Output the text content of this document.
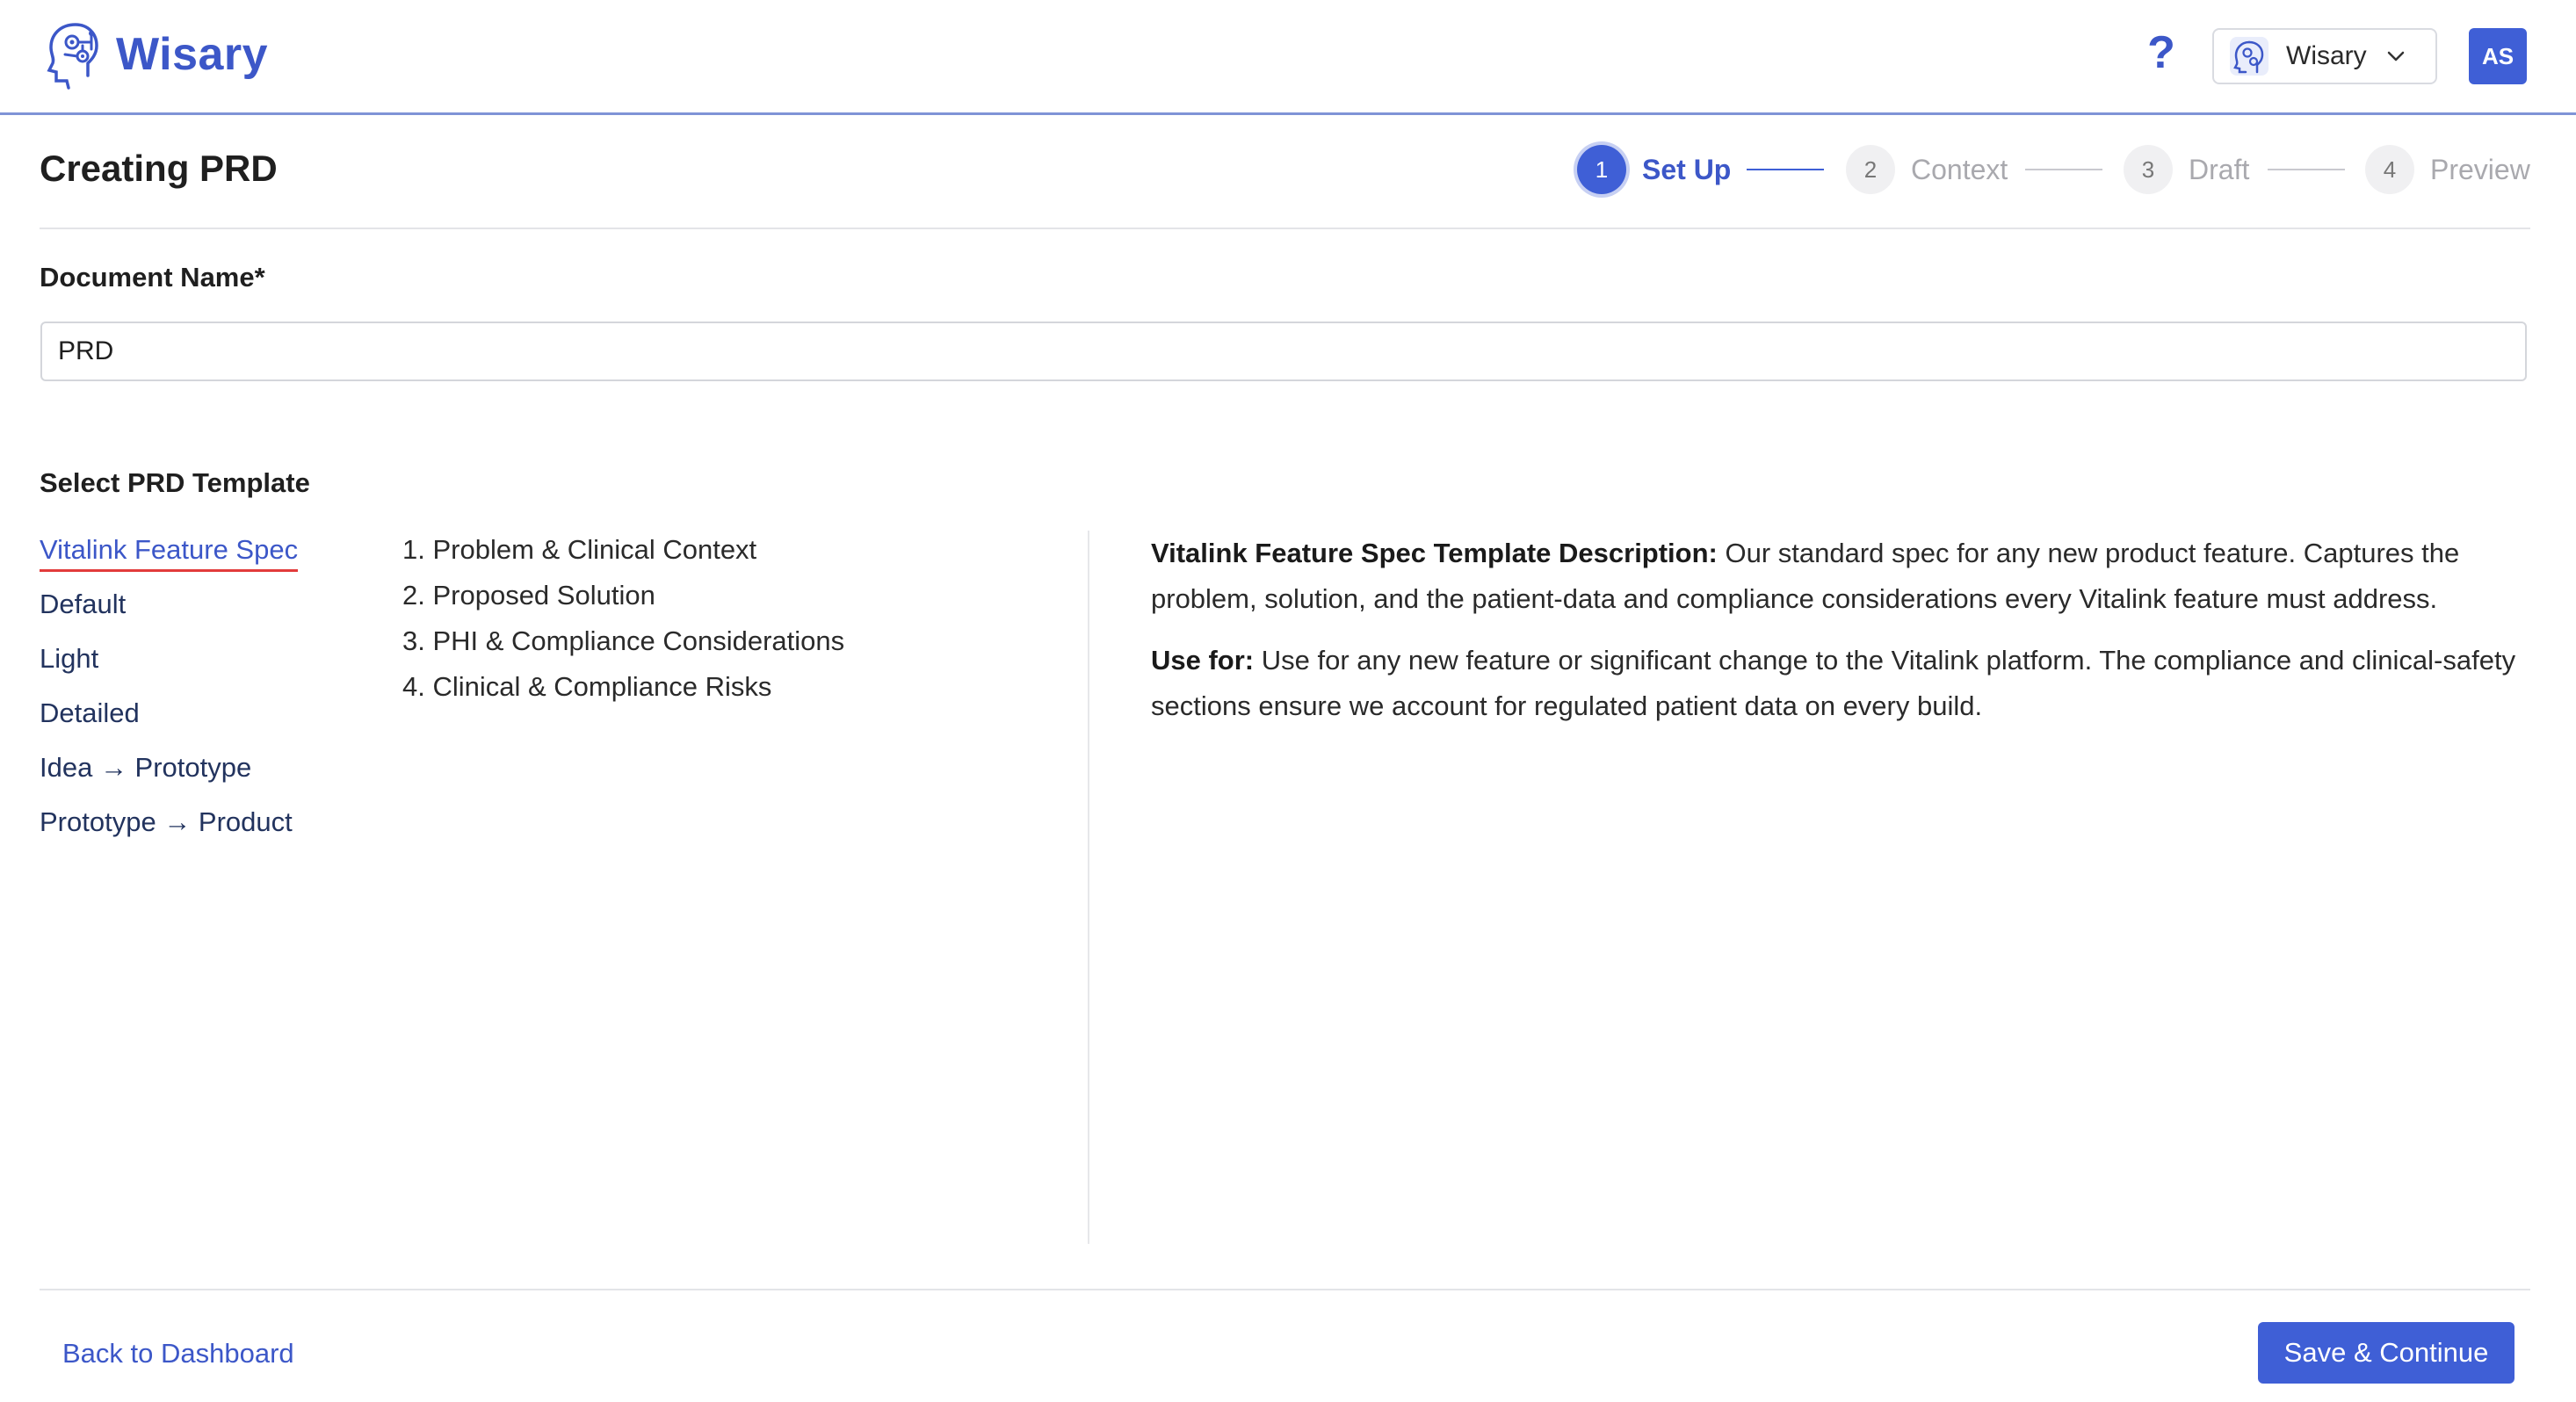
Wisary	?	Wisary	AS
Creating PRD	1	Set Up	2	Context	3	Draft	4	Preview
Document Name*
PRD
Select PRD Template
Vitalink Feature Spec
Default
Light
Detailed
Idea → Prototype
Prototype → Product
1. Problem & Clinical Context
2. Proposed Solution
3. PHI & Compliance Considerations
4. Clinical & Compliance Risks

Vitalink Feature Spec Template Description: Our standard spec for any new product feature. Captures the problem, solution, and the patient-data and compliance considerations every Vitalink feature must address.

Use for: Use for any new feature or significant change to the Vitalink platform. The compliance and clinical-safety sections ensure we account for regulated patient data on every build.

Back to Dashboard	Save & Continue
